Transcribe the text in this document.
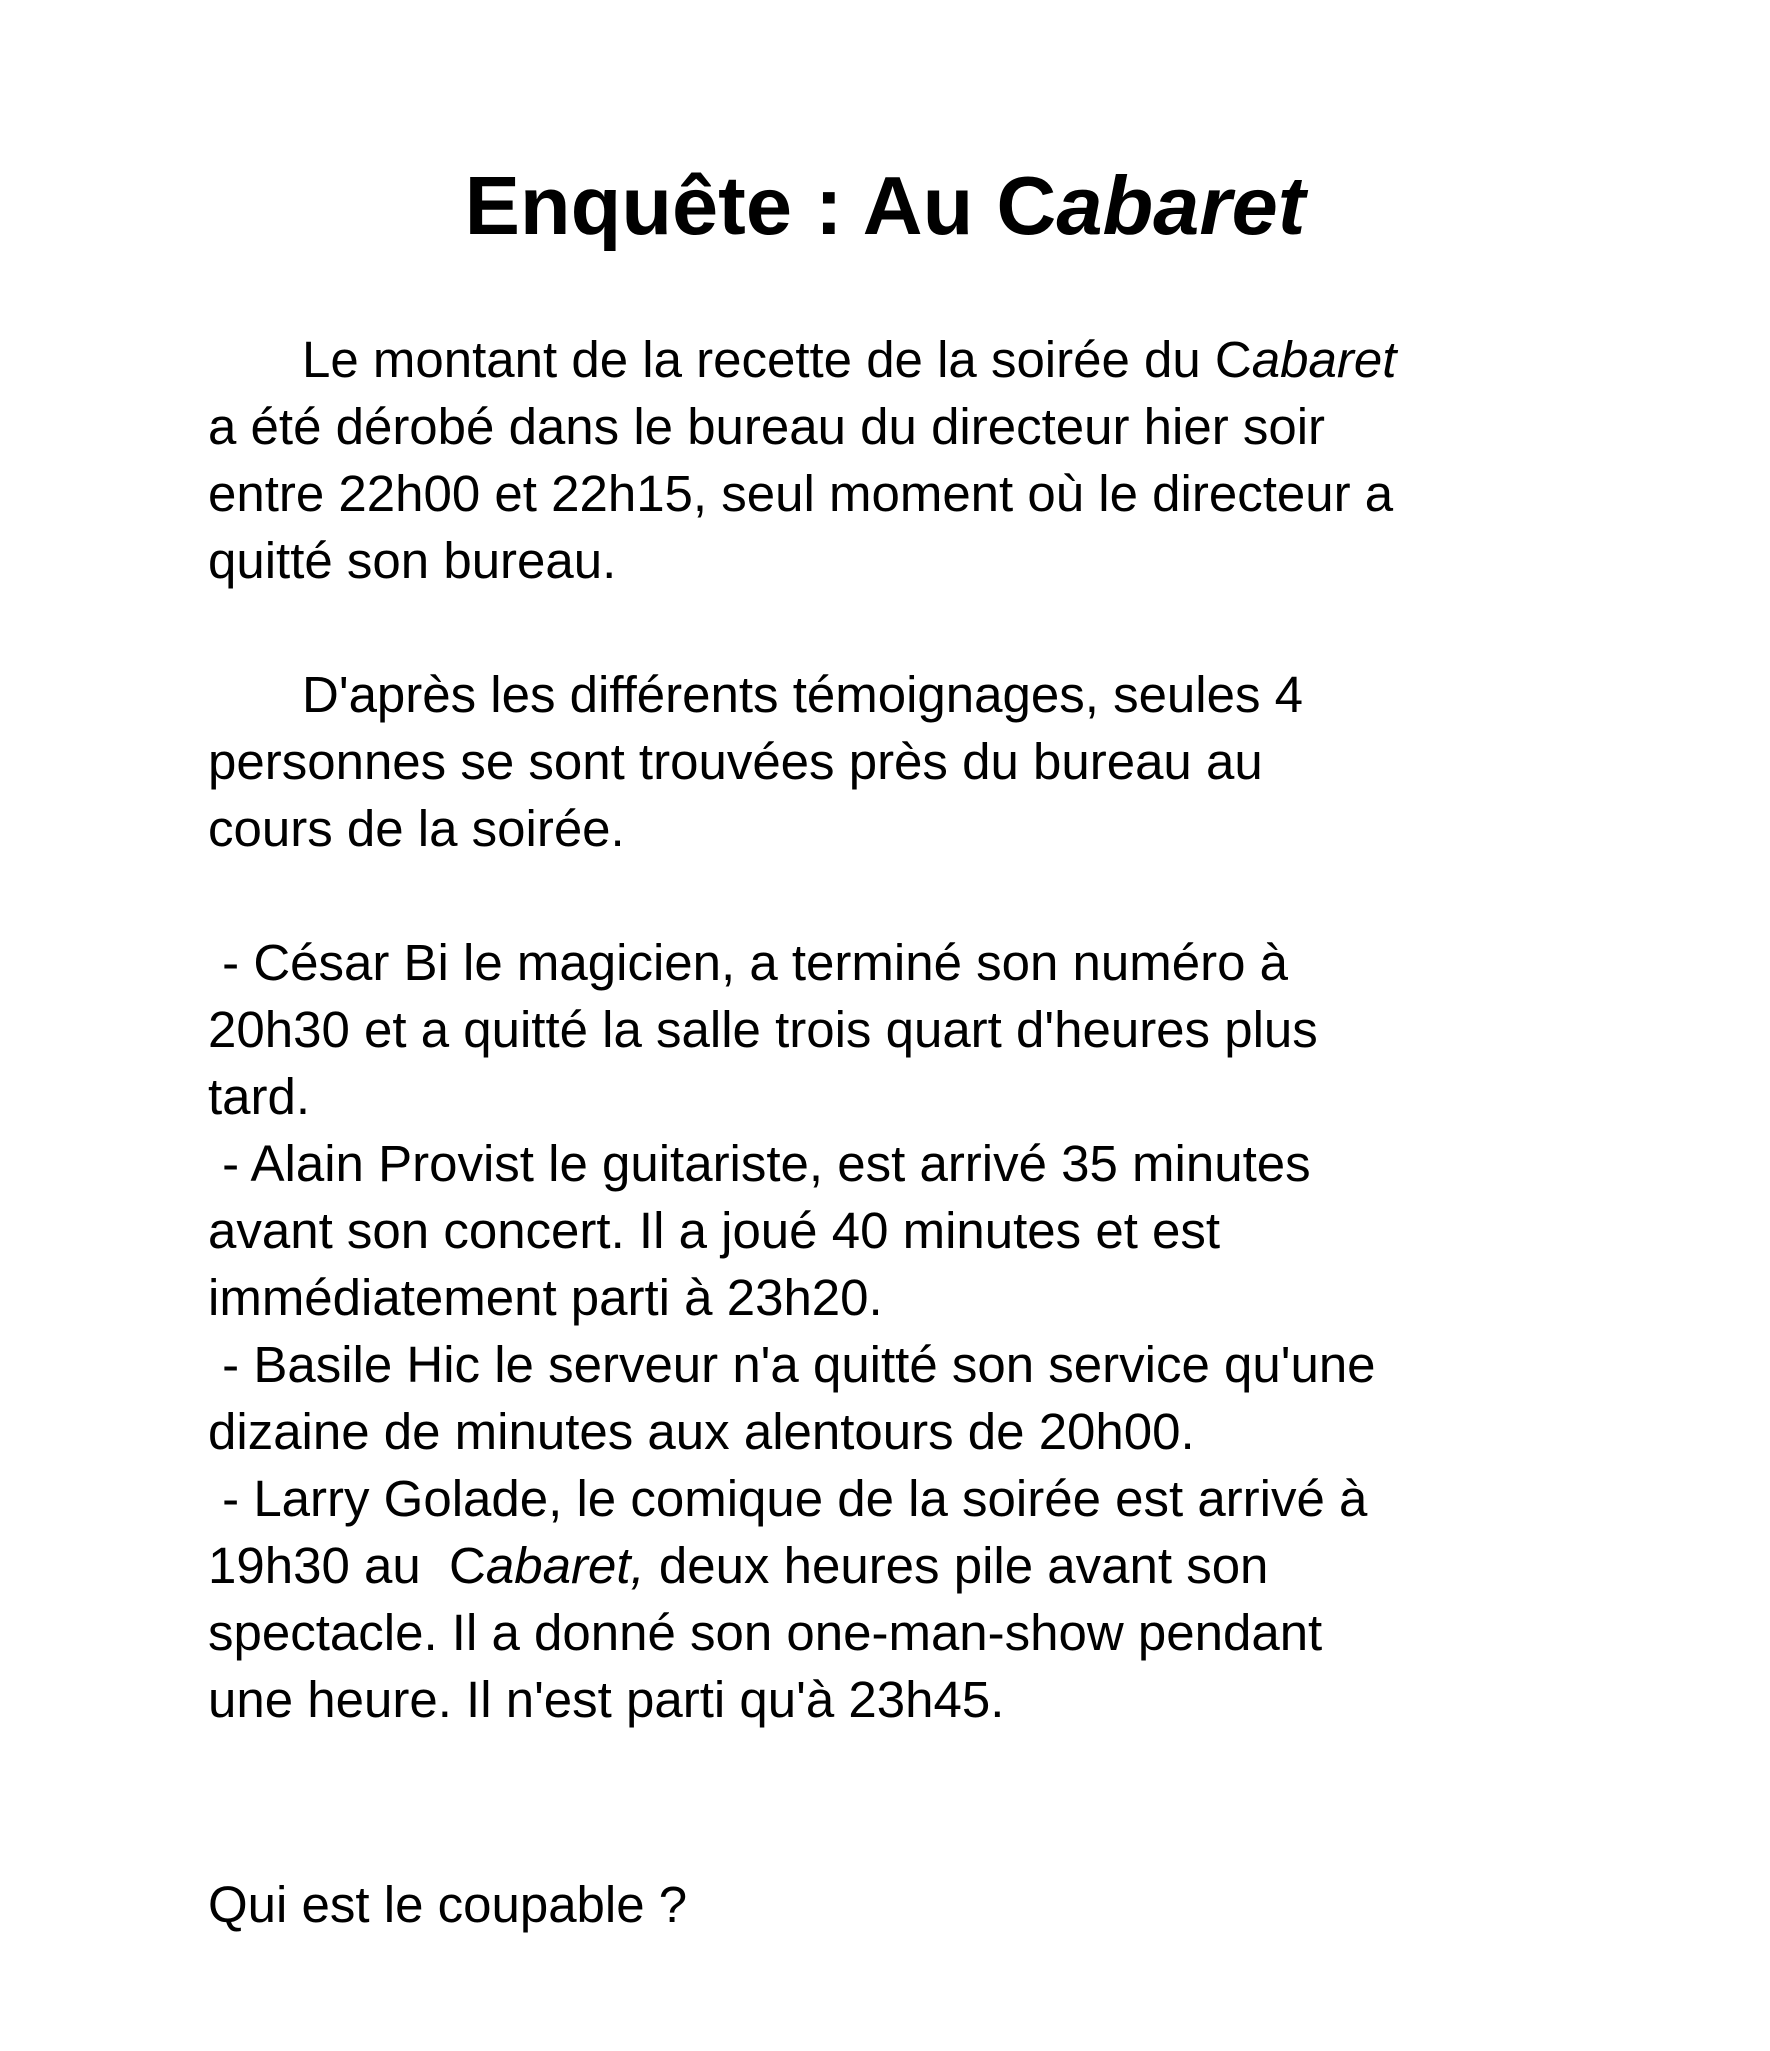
Enquête : Au Cabaret
Le montant de la recette de la soirée du Cabaret
a été dérobé dans le bureau du directeur hier soir
entre 22h00 et 22h15, seul moment où le directeur a
quitté son bureau.
D'après les différents témoignages, seules 4
personnes se sont trouvées près du bureau au
cours de la soirée.
- César Bi le magicien, a terminé son numéro à
20h30 et a quitté la salle trois quart d'heures plus
tard.
- Alain Provist le guitariste, est arrivé 35 minutes
avant son concert. Il a joué 40 minutes et est
immédiatement parti à 23h20.
- Basile Hic le serveur n'a quitté son service qu'une
dizaine de minutes aux alentours de 20h00.
- Larry Golade, le comique de la soirée est arrivé à
19h30 au  Cabaret, deux heures pile avant son
spectacle. Il a donné son one-man-show pendant
une heure. Il n'est parti qu'à 23h45.
Qui est le coupable ?
